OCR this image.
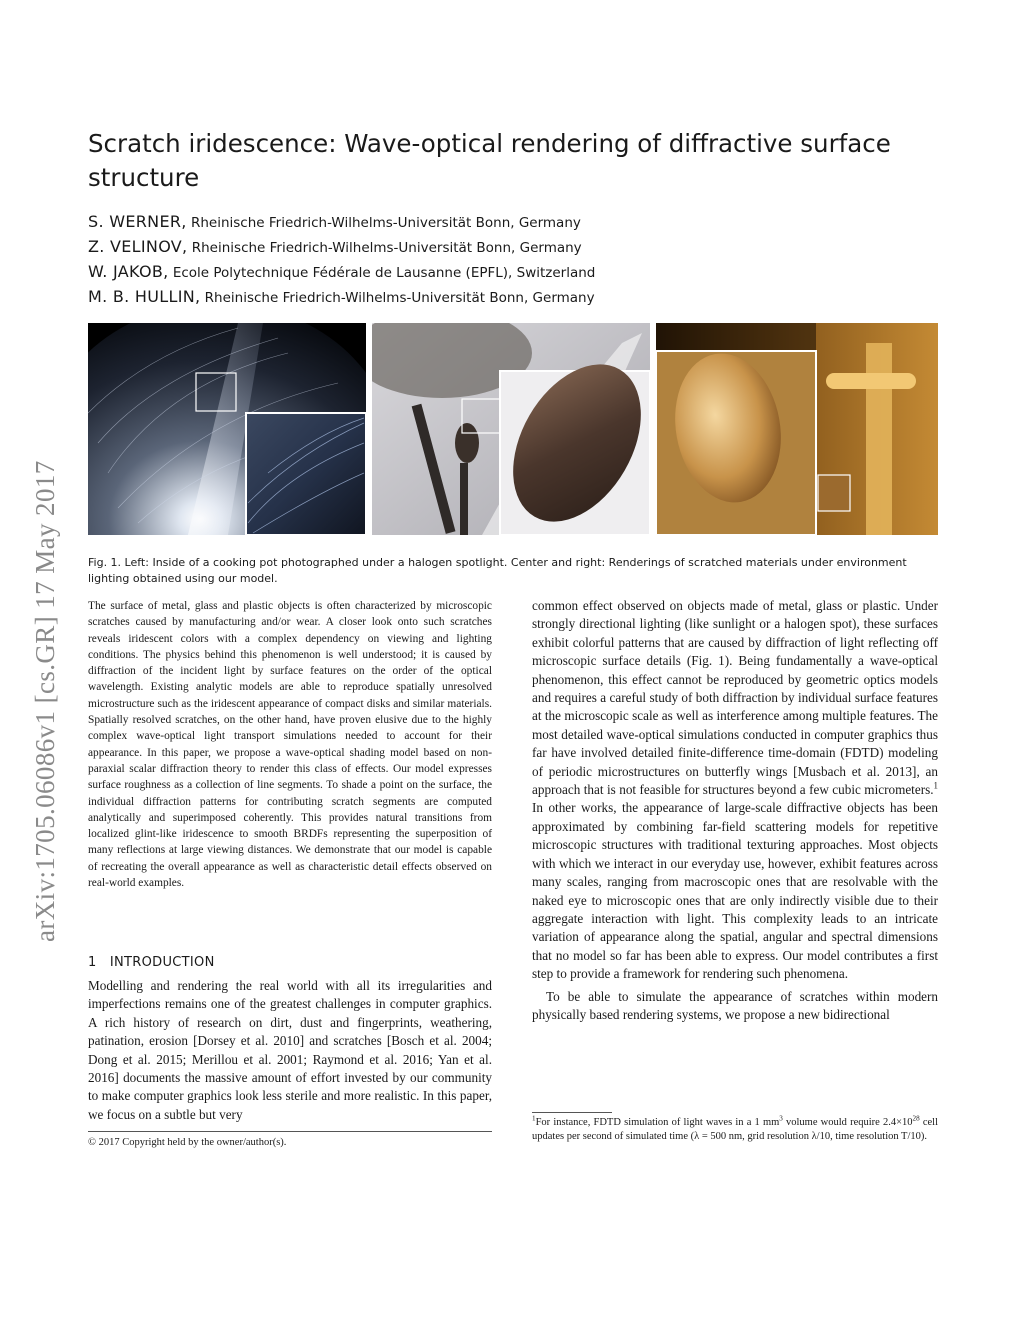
arXiv:1705.06086v1 [cs.GR] 17 May 2017
Scratch iridescence: Wave-optical rendering of diffractive surface structure
S. WERNER, Rheinische Friedrich-Wilhelms-Universität Bonn, Germany
Z. VELINOV, Rheinische Friedrich-Wilhelms-Universität Bonn, Germany
W. JAKOB, Ecole Polytechnique Fédérale de Lausanne (EPFL), Switzerland
M. B. HULLIN, Rheinische Friedrich-Wilhelms-Universität Bonn, Germany
Fig. 1. Left: Inside of a cooking pot photographed under a halogen spotlight. Center and right: Renderings of scratched materials under environment lighting obtained using our model.
The surface of metal, glass and plastic objects is often characterized by microscopic scratches caused by manufacturing and/or wear. A closer look onto such scratches reveals iridescent colors with a complex dependency on viewing and lighting conditions. The physics behind this phenomenon is well understood; it is caused by diffraction of the incident light by surface features on the order of the optical wavelength. Existing analytic models are able to reproduce spatially unresolved microstructure such as the iridescent appearance of compact disks and similar materials. Spatially resolved scratches, on the other hand, have proven elusive due to the highly complex wave-optical light transport simulations needed to account for their appearance. In this paper, we propose a wave-optical shading model based on non-paraxial scalar diffraction theory to render this class of effects. Our model expresses surface roughness as a collection of line segments. To shade a point on the surface, the individual diffraction patterns for contributing scratch segments are computed analytically and superimposed coherently. This provides natural transitions from localized glint-like iridescence to smooth BRDFs representing the superposition of many reflections at large viewing distances. We demonstrate that our model is capable of recreating the overall appearance as well as characteristic detail effects observed on real-world examples.
1 INTRODUCTION

Modelling and rendering the real world with all its irregularities and imperfections remains one of the greatest challenges in computer graphics. A rich history of research on dirt, dust and fingerprints, weathering, patination, erosion [Dorsey et al. 2010] and scratches [Bosch et al. 2004; Dong et al. 2015; Merillou et al. 2001; Raymond et al. 2016; Yan et al. 2016] documents the massive amount of effort invested by our community to make computer graphics look less sterile and more realistic. In this paper, we focus on a subtle but very

common effect observed on objects made of metal, glass or plastic. Under strongly directional lighting (like sunlight or a halogen spot), these surfaces exhibit colorful patterns that are caused by diffraction of light reflecting off microscopic surface details (Fig. 1). Being fundamentally a wave-optical phenomenon, this effect cannot be reproduced by geometric optics models and requires a careful study of both diffraction by individual surface features at the microscopic scale as well as interference among multiple features. The most detailed wave-optical simulations conducted in computer graphics thus far have involved detailed finite-difference time-domain (FDTD) modeling of periodic microstructures on butterfly wings [Musbach et al. 2013], an approach that is not feasible for structures beyond a few cubic micrometers.$^1$ In other works, the appearance of large-scale diffractive objects has been approximated by combining far-field scattering models for repetitive microscopic structures with traditional texturing approaches. Most objects with which we interact in our everyday use, however, exhibit features across many scales, ranging from macroscopic ones that are resolvable with the naked eye to microscopic ones that are only indirectly visible due to their aggregate interaction with light. This complexity leads to an intricate variation of appearance along the spatial, angular and spectral dimensions that no model so far has been able to express. Our model contributes a first step to provide a framework for rendering such phenomena.

To be able to simulate the appearance of scratches within modern physically based rendering systems, we propose a new bidirectional

© 2017 Copyright held by the owner/author(s).
$^1$For instance, FDTD simulation of light waves in a 1 $mm^3$ volume would require $2.4\times 10^{28}$ cell updates per second of simulated time (λ = 500 nm, grid resolution λ/10, time resolution T/10).
